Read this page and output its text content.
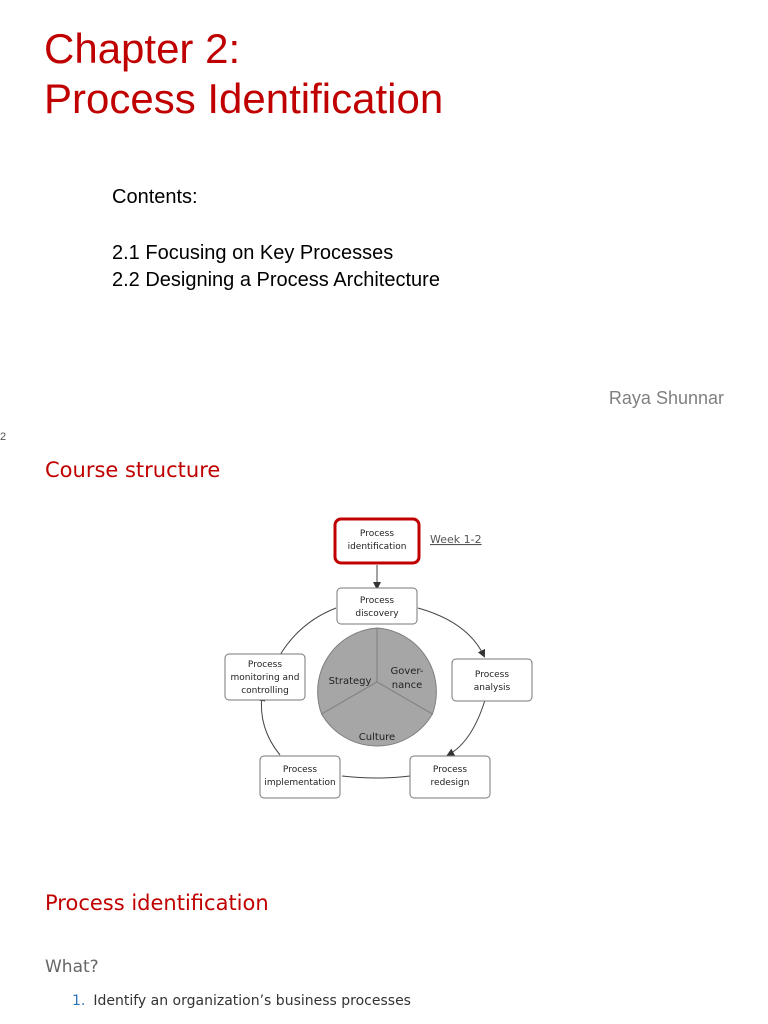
Chapter 2:
Process Identification
Contents:
2.1 Focusing on Key Processes
2.2 Designing a Process Architecture
Raya Shunnar
2
Course structure
Strategy
Gover-
nance
Culture
Process
identification
Week 1-2
Process
discovery
Process
analysis
Process
redesign
Process
implementation
Process
monitoring and
controlling
Process identification
What?
1. Identify an organization’s business processes
